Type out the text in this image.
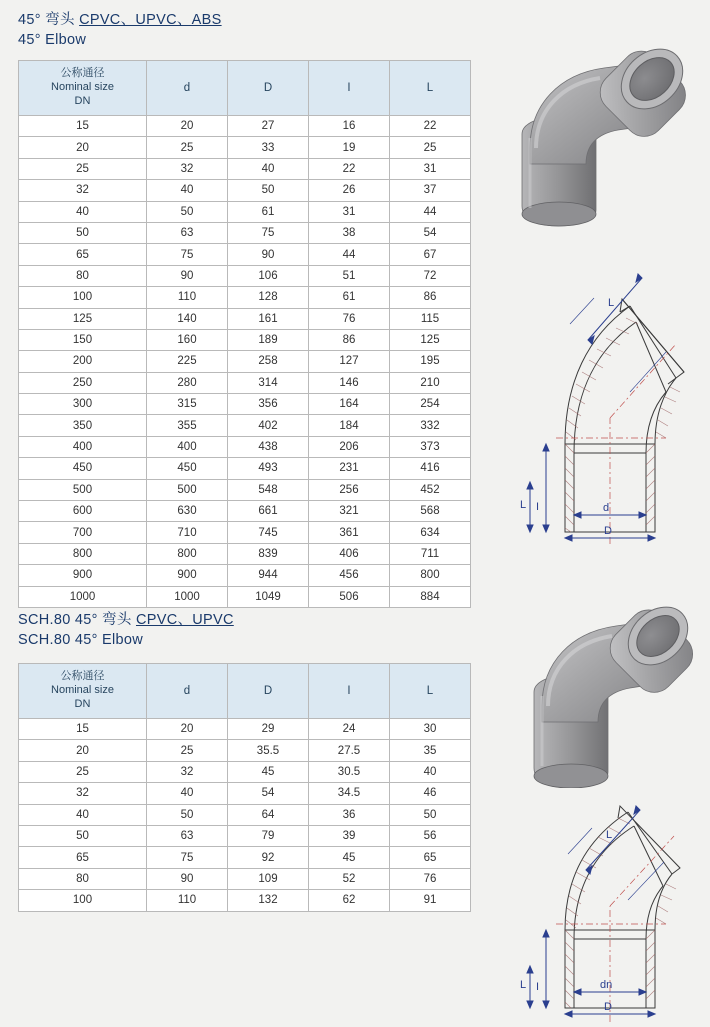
45° 弯头 CPVC、UPVC、ABS
45° Elbow
公称通径
Nominal size
DN	d	D	I	L
15	20	27	16	22
20	25	33	19	25
25	32	40	22	31
32	40	50	26	37
40	50	61	31	44
50	63	75	38	54
65	75	90	44	67
80	90	106	51	72
100	110	128	61	86
125	140	161	76	115
150	160	189	86	125
200	225	258	127	195
250	280	314	146	210
300	315	356	164	254
350	355	402	184	332
400	400	438	206	373
450	450	493	231	416
500	500	548	256	452
600	630	661	321	568
700	710	745	361	634
800	800	839	406	711
900	900	944	456	800
1000	1000	1049	506	884
L
L I	d
D
SCH.80 45° 弯头 CPVC、UPVC
SCH.80 45° Elbow
公称通径
Nominal size
DN	d	D	I	L
15	20	29	24	30
20	25	35.5	27.5	35
25	32	45	30.5	40
32	40	54	34.5	46
40	50	64	36	50
50	63	79	39	56
65	75	92	45	65
80	90	109	52	76
100	110	132	62	91
L
L I	dn
D
